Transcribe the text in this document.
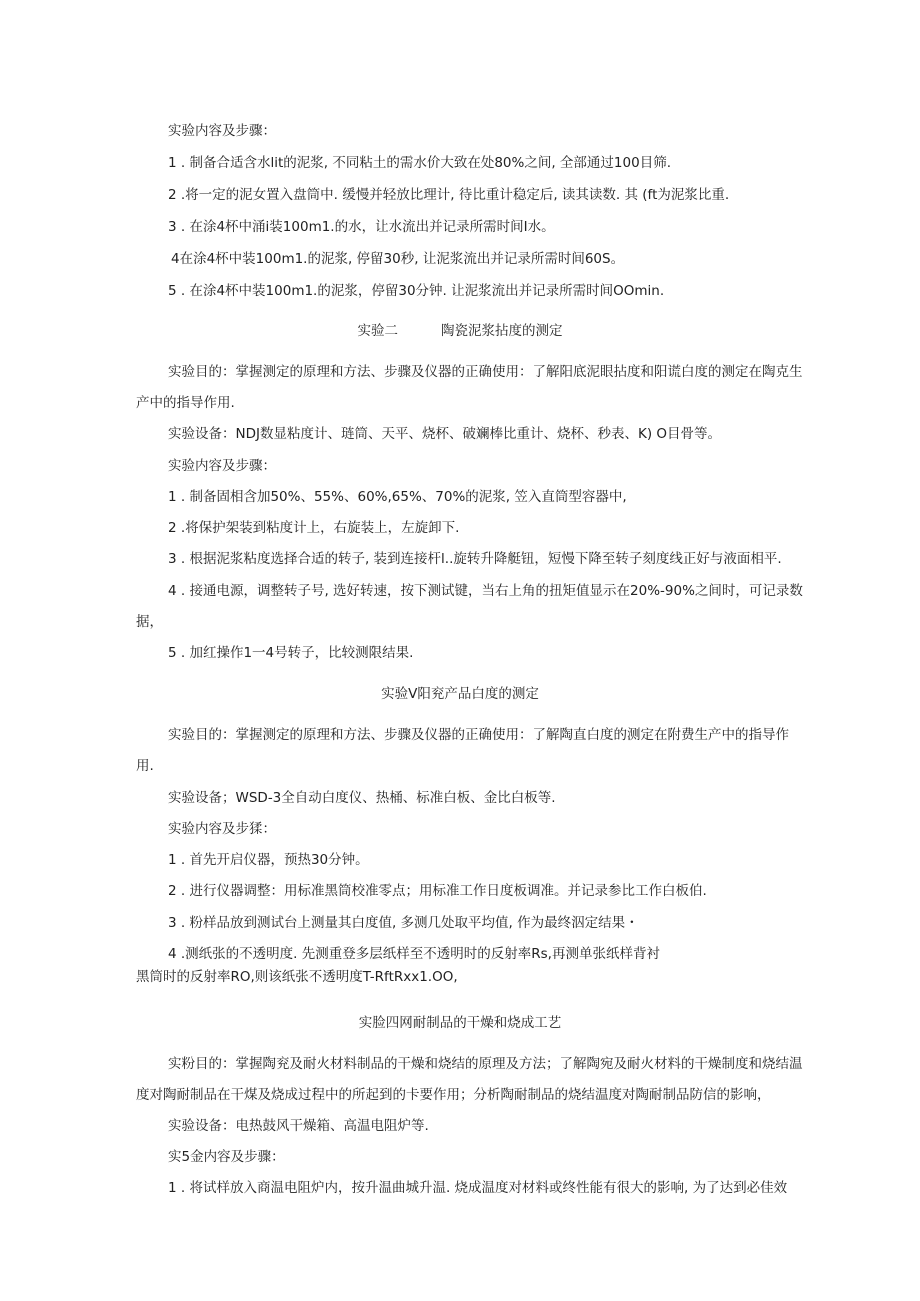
实验内容及步骤：
1 . 制备合适含水lit的泥浆, 不同粘土的需水价大致在处80%之间, 全部通过100目筛.
2 .将一定的泥女置入盘筒中. 缓慢并轻放比理计, 待比重计稳定后, 读其读数. 其 (ft为泥浆比重.
3 . 在涂4杯中涌i装100m1.的水，让水流出并记录所需时间I水。
4在涂4杯中装100m1.的泥浆, 停留30秒, 让泥浆流出并记录所需时间60S。
5 . 在涂4杯中装100m1.的泥浆，停留30分钟. 让泥浆流出并记录所需时间OOmin.
实验二          陶瓷泥浆拈度的测定
实验目的：掌握测定的原理和方法、步骤及仪器的正确使用：了解阳底泥眼拈度和阳谎白度的测定在陶克生
产中的指导作用.
实验设备：NDJ数显粘度计、琏筒、天平、烧杯、破斓棒比重计、烧杯、秒表、K) O目骨等。
实验内容及步骤：
1 . 制备固相含加50%、55%、60%,65%、70%的泥浆, 笠入直筒型容器中,
2 .将保护架装到粘度计上，右旋装上，左旋卸下.
3 . 根据泥浆粘度选择合适的转子, 装到连接杆l..旋转升降艇钮，短慢下降至转子刻度线正好与液面相平.
4 . 接通电源，调整转子号, 选好转速，按下测试键，当右上角的扭矩值显示在20%-90%之间时，可记录数
据，
5 . 加红操作1一4号转子，比较测限结果.
实验V阳兖产品白度的测定
实验目的：掌握测定的原理和方法、步骤及仪器的正确使用：了解陶直白度的测定在附费生产中的指导作
用.
实验设备；WSD-3全自动白度仪、热桶、标准白板、金比白板等.
实验内容及步猱：
1 . 首先开启仪器，预热30分钟。
2 . 进行仪器调整：用标准黑筒校准零点；用标准工作日度板调准。并记录参比工作白板伯.
3 . 粉样品放到测试台上测量其白度值, 多测几处取平均值, 作为最终泅定结果・
4 .测纸张的不透明度. 先测重登多层纸样至不透明时的反射率Rs,再测单张纸样背衬
黑筒时的反射率RO,则该纸张不透明度T-RftRxx1.OO,
实脸四网耐制品的干燥和烧成工艺
实粉目的：掌握陶兖及耐火材料制品的干燥和烧结的原理及方法；了解陶宛及耐火材料的干燥制度和烧结温
度对陶耐制品在干煤及烧成过程中的所起到的卡要作用；分析陶耐制品的烧结温度对陶耐制品防信的影响，
实验设备：电热鼓风干燥箱、高温电阻炉等.
实5金内容及步骤：
1 . 将试样放入商温电阻炉内，按升温曲城升温. 烧成温度对材料或终性能有很大的影响, 为了达到必佳效
